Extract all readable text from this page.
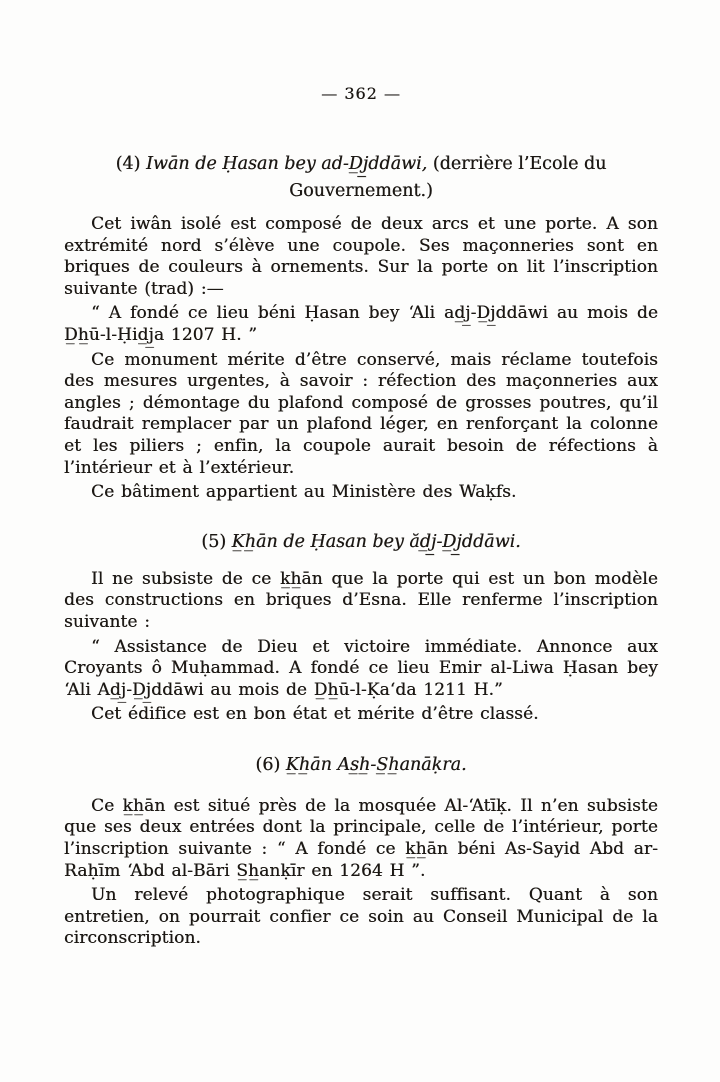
— 362 —
(4) Iwān de Ḥasan bey ad-D̲j̲ddāwi, (derrière l’Ecole du Gouvernement.)

Cet iwân isolé est composé de deux arcs et une porte. A son extrémité nord s’élève une coupole. Ses maçonneries sont en briques de couleurs à ornements. Sur la porte on lit l’inscription suivante (trad) :—

“ A fondé ce lieu béni Ḥasan bey ‘Ali ad̲j̲-D̲j̲ddāwi au mois de D̲h̲ū-l-Ḥid̲j̲a 1207 H. ”

Ce monument mérite d’être conservé, mais réclame toutefois des mesures urgentes, à savoir : réfection des maçonneries aux angles ; démontage du plafond composé de grosses poutres, qu’il faudrait remplacer par un plafond léger, en renforçant la colonne et les piliers ; enfin, la coupole aurait besoin de réfections à l’intérieur et à l’extérieur.

Ce bâtiment appartient au Ministère des Waḳfs.

(5) K̲h̲ān de Ḥasan bey ăd̲j̲-D̲j̲ddāwi.

Il ne subsiste de ce k̲h̲ān que la porte qui est un bon modèle des constructions en briques d’Esna. Elle renferme l’inscription suivante :

“ Assistance de Dieu et victoire immédiate. Annonce aux Croyants ô Muḥammad. A fondé ce lieu Emir al-Liwa Ḥasan bey ‘Ali Ad̲j̲-D̲j̲ddāwi au mois de D̲h̲ū-l-Ḳa‘da 1211 H.”

Cet édifice est en bon état et mérite d’être classé.

(6) K̲h̲ān As̲h̲-S̲h̲anāḳra.

Ce k̲h̲ān est situé près de la mosquée Al-‘Atīḳ. Il n’en subsiste que ses deux entrées dont la principale, celle de l’intérieur, porte l’inscription suivante : “ A fondé ce k̲h̲ān béni As-Sayid Abd ar-Raḥīm ‘Abd al-Bāri S̲h̲anḳīr en 1264 H ”.

Un relevé photographique serait suffisant. Quant à son entretien, on pourrait confier ce soin au Conseil Municipal de la circonscription.
